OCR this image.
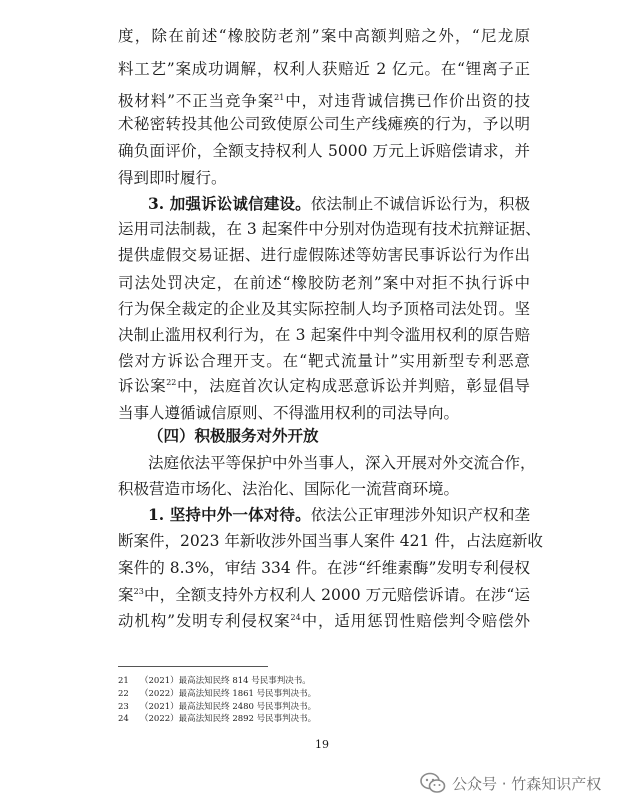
度，除在前述“橡胶防老剂”案中高额判赔之外，“尼龙原
料工艺”案成功调解，权利人获赔近 2 亿元。在“锂离子正
极材料”不正当竞争案$^{21}$中，对违背诚信携已作价出资的技
术秘密转投其他公司致使原公司生产线瘫痪的行为，予以明
确负面评价，全额支持权利人 5000 万元上诉赔偿请求，并
得到即时履行。
3. 加强诉讼诚信建设。依法制止不诚信诉讼行为，积极
运用司法制裁，在 3 起案件中分别对伪造现有技术抗辩证据、
提供虚假交易证据、进行虚假陈述等妨害民事诉讼行为作出
司法处罚决定，在前述“橡胶防老剂”案中对拒不执行诉中
行为保全裁定的企业及其实际控制人均予顶格司法处罚。坚
决制止滥用权利行为，在 3 起案件中判令滥用权利的原告赔
偿对方诉讼合理开支。在“靶式流量计”实用新型专利恶意
诉讼案$^{22}$中，法庭首次认定构成恶意诉讼并判赔，彰显倡导
当事人遵循诚信原则、不得滥用权利的司法导向。
（四）积极服务对外开放
法庭依法平等保护中外当事人，深入开展对外交流合作，
积极营造市场化、法治化、国际化一流营商环境。
1. 坚持中外一体对待。依法公正审理涉外知识产权和垄
断案件，2023 年新收涉外国当事人案件 421 件，占法庭新收
案件的 8.3%，审结 334 件。在涉“纤维素酶”发明专利侵权
案$^{23}$中，全额支持外方权利人 2000 万元赔偿诉请。在涉“运
动机构”发明专利侵权案$^{24}$中，适用惩罚性赔偿判令赔偿外
21 （2021）最高法知民终 814 号民事判决书。
22 （2022）最高法知民终 1861 号民事判决书。
23 （2021）最高法知民终 2480 号民事判决书。
24 （2022）最高法知民终 2892 号民事判决书。
19
公众号 · 竹森知识产权
